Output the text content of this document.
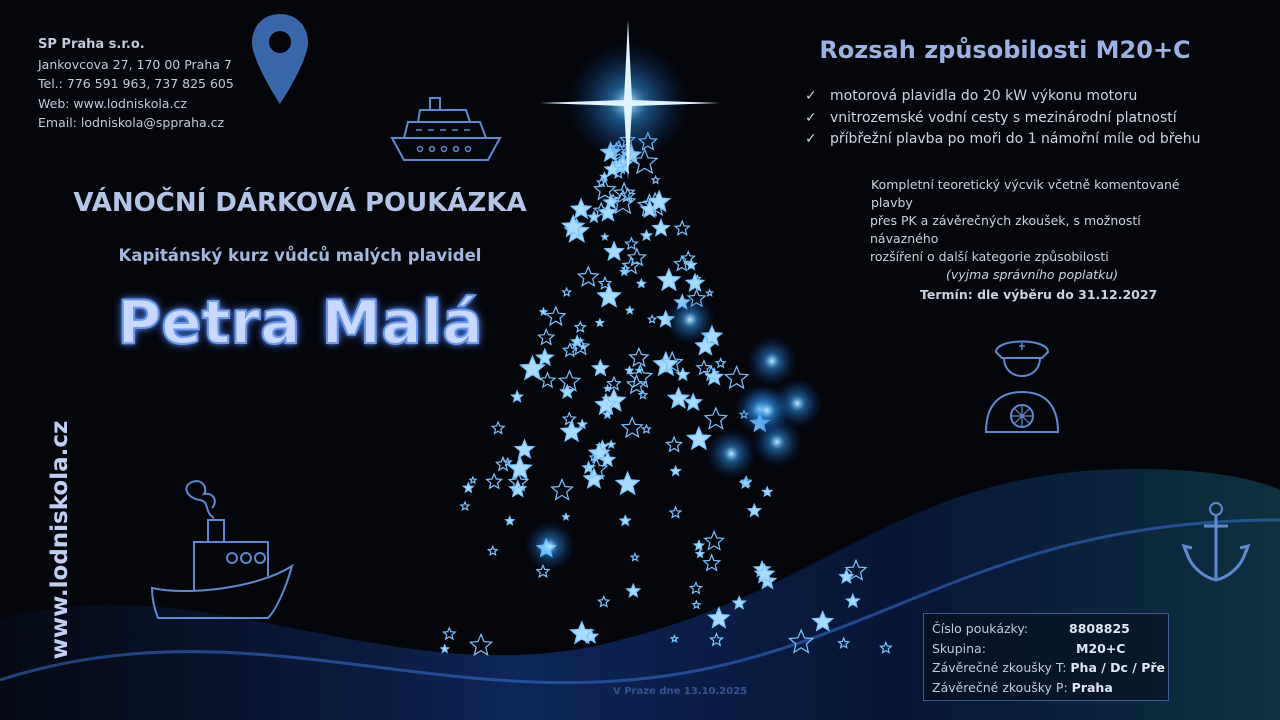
SP Praha s.r.o.
Jankovcova 27, 170 00 Praha 7
Tel.: 776 591 963, 737 825 605
Web: www.lodniskola.cz
Email: lodniskola@sppraha.cz
VÁNOČNÍ DÁRKOVÁ POUKÁZKA
Kapitánský kurz vůdců malých plavidel
Petra Malá
www.lodniskola.cz
Rozsah způsobilosti M20+C
✓ motorová plavidla do 20 kW výkonu motoru
✓ vnitrozemské vodní cesty s mezinárodní platností
✓ příbřežní plavba po moři do 1 námořní míle od břehu
Kompletní teoretický výcvik včetně komentované plavby
přes PK a závěrečných zkoušek, s možností návazného
rozšíření o další kategorie způsobilosti
(vyjma správního poplatku)
Termín: dle výběru do 31.12.2027
Číslo poukázky:	8808825
Skupina:	M20+C
Závěrečné zkoušky T:
Pha / Dc / Pře
Závěrečné zkoušky P:
Praha
V Praze dne 13.10.2025
